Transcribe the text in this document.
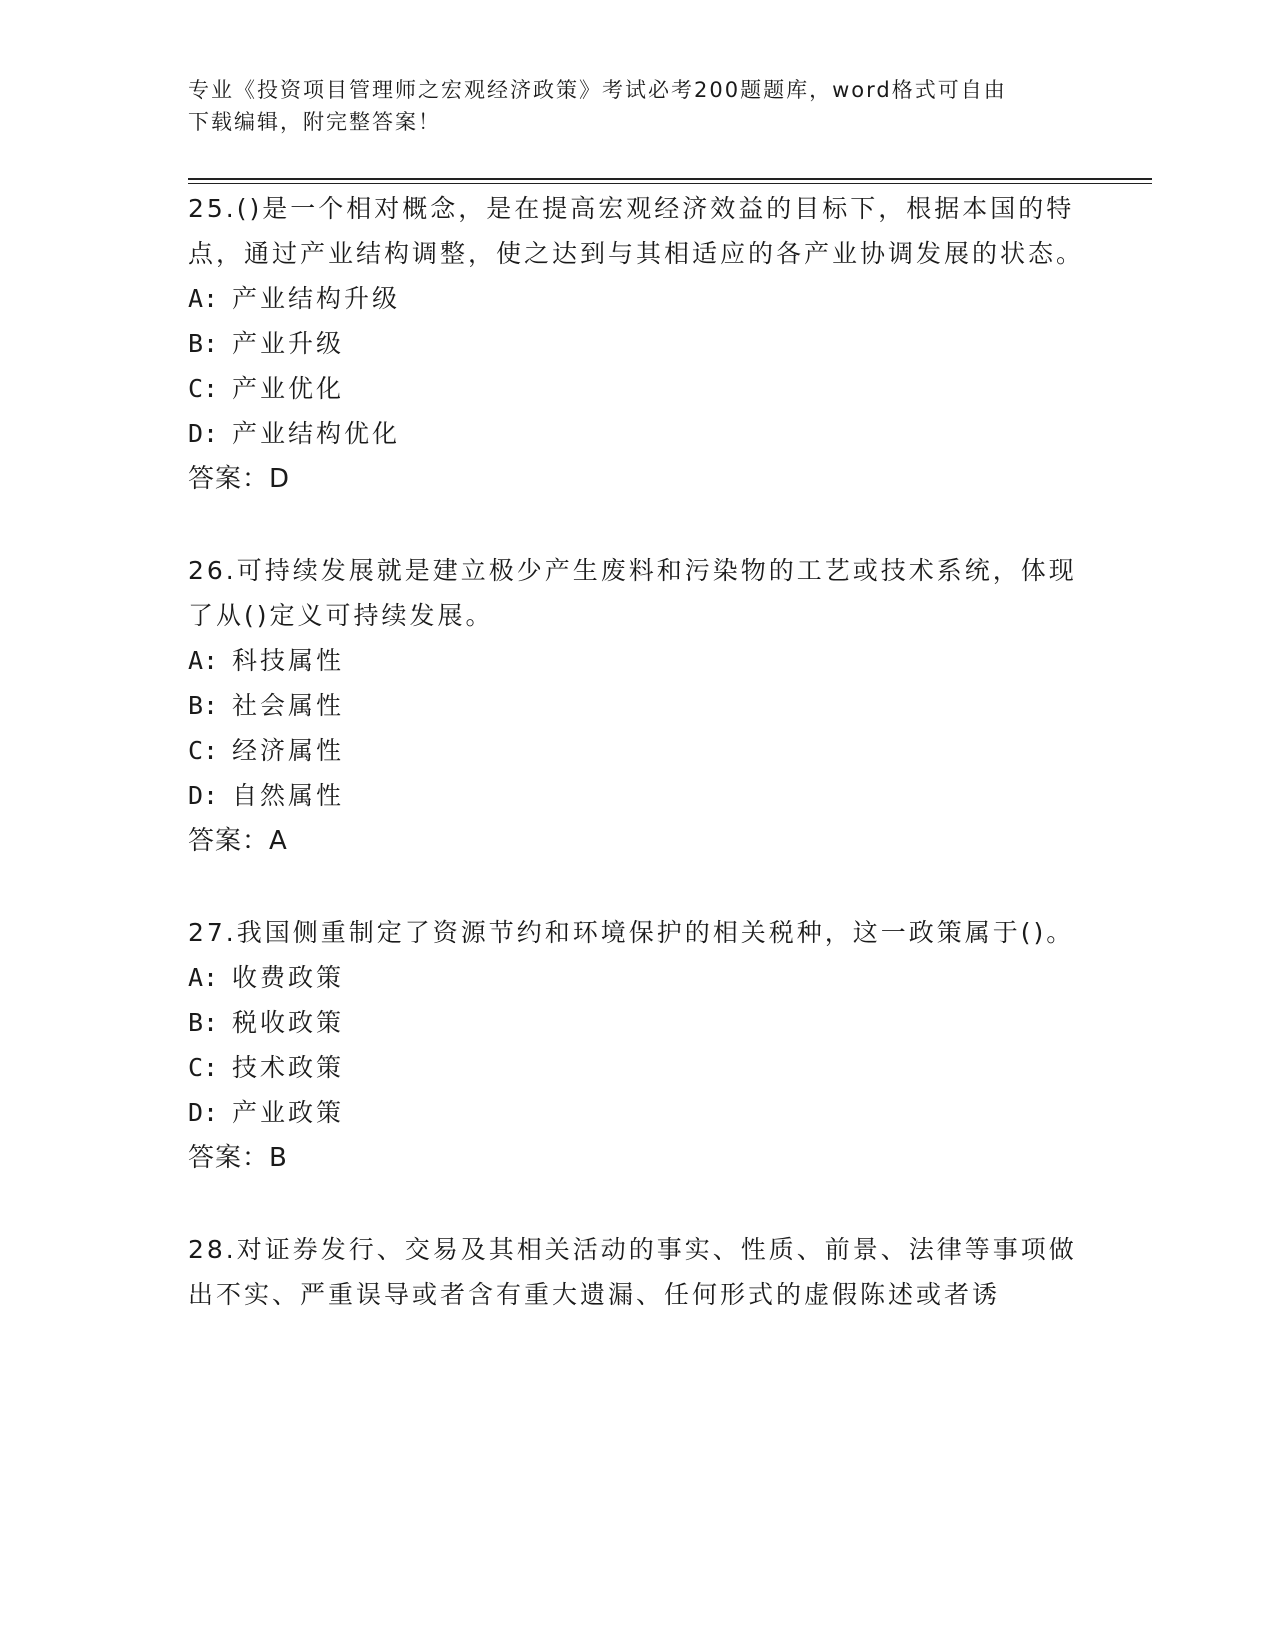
专业《投资项目管理师之宏观经济政策》考试必考200题题库，word格式可自由
下载编辑，附完整答案！

25.()是一个相对概念，是在提高宏观经济效益的目标下，根据本国的特点，通过产业结构调整，使之达到与其相适应的各产业协调发展的状态。

A: 产业结构升级

B: 产业升级

C: 产业优化

D: 产业结构优化

答案：D

26.可持续发展就是建立极少产生废料和污染物的工艺或技术系统，体现了从()定义可持续发展。

A: 科技属性

B: 社会属性

C: 经济属性

D: 自然属性

答案：A

27.我国侧重制定了资源节约和环境保护的相关税种，这一政策属于()。

A: 收费政策

B: 税收政策

C: 技术政策

D: 产业政策

答案：B

28.对证券发行、交易及其相关活动的事实、性质、前景、法律等事项做出不实、严重误导或者含有重大遗漏、任何形式的虚假陈述或者诱
